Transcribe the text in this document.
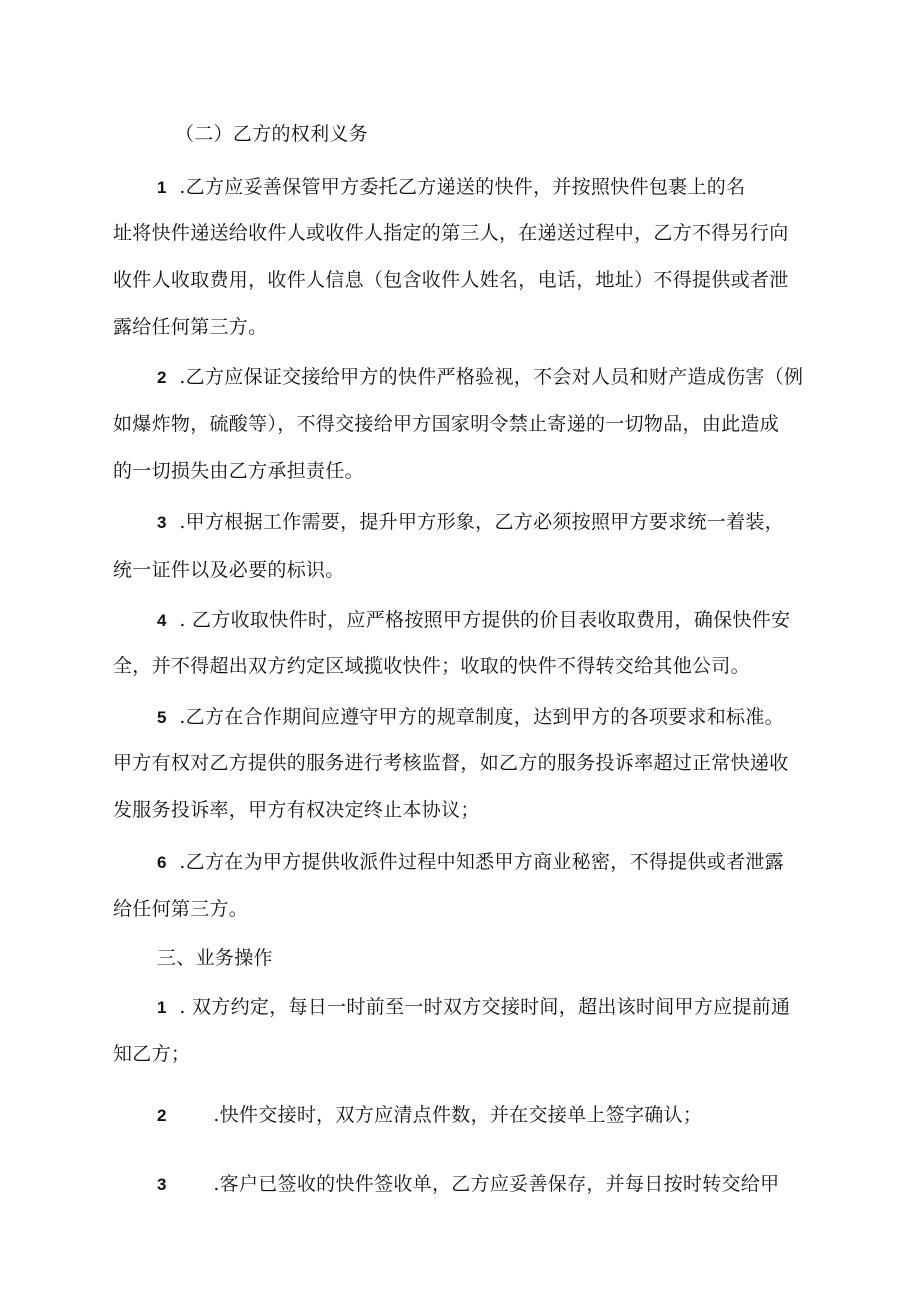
（二）乙方的权利义务
1 .乙方应妥善保管甲方委托乙方递送的快件，并按照快件包裹上的名
址将快件递送给收件人或收件人指定的第三人，在递送过程中，乙方不得另行向
收件人收取费用，收件人信息（包含收件人姓名，电话，地址）不得提供或者泄
露给任何第三方。
2 .乙方应保证交接给甲方的快件严格验视，不会对人员和财产造成伤害（例
如爆炸物，硫酸等），不得交接给甲方国家明令禁止寄递的一切物品，由此造成
的一切损失由乙方承担责任。
3 .甲方根据工作需要，提升甲方形象，乙方必须按照甲方要求统一着装，
统一证件以及必要的标识。
4 . 乙方收取快件时，应严格按照甲方提供的价目表收取费用，确保快件安
全，并不得超出双方约定区域揽收快件；收取的快件不得转交给其他公司。
5 .乙方在合作期间应遵守甲方的规章制度，达到甲方的各项要求和标准。
甲方有权对乙方提供的服务进行考核监督，如乙方的服务投诉率超过正常快递收
发服务投诉率，甲方有权决定终止本协议；
6 .乙方在为甲方提供收派件过程中知悉甲方商业秘密，不得提供或者泄露
给任何第三方。
三、业务操作
1 . 双方约定，每日一时前至一时双方交接时间，超出该时间甲方应提前通
知乙方；
2 .快件交接时，双方应清点件数，并在交接单上签字确认；
3 .客户已签收的快件签收单，乙方应妥善保存，并每日按时转交给甲
